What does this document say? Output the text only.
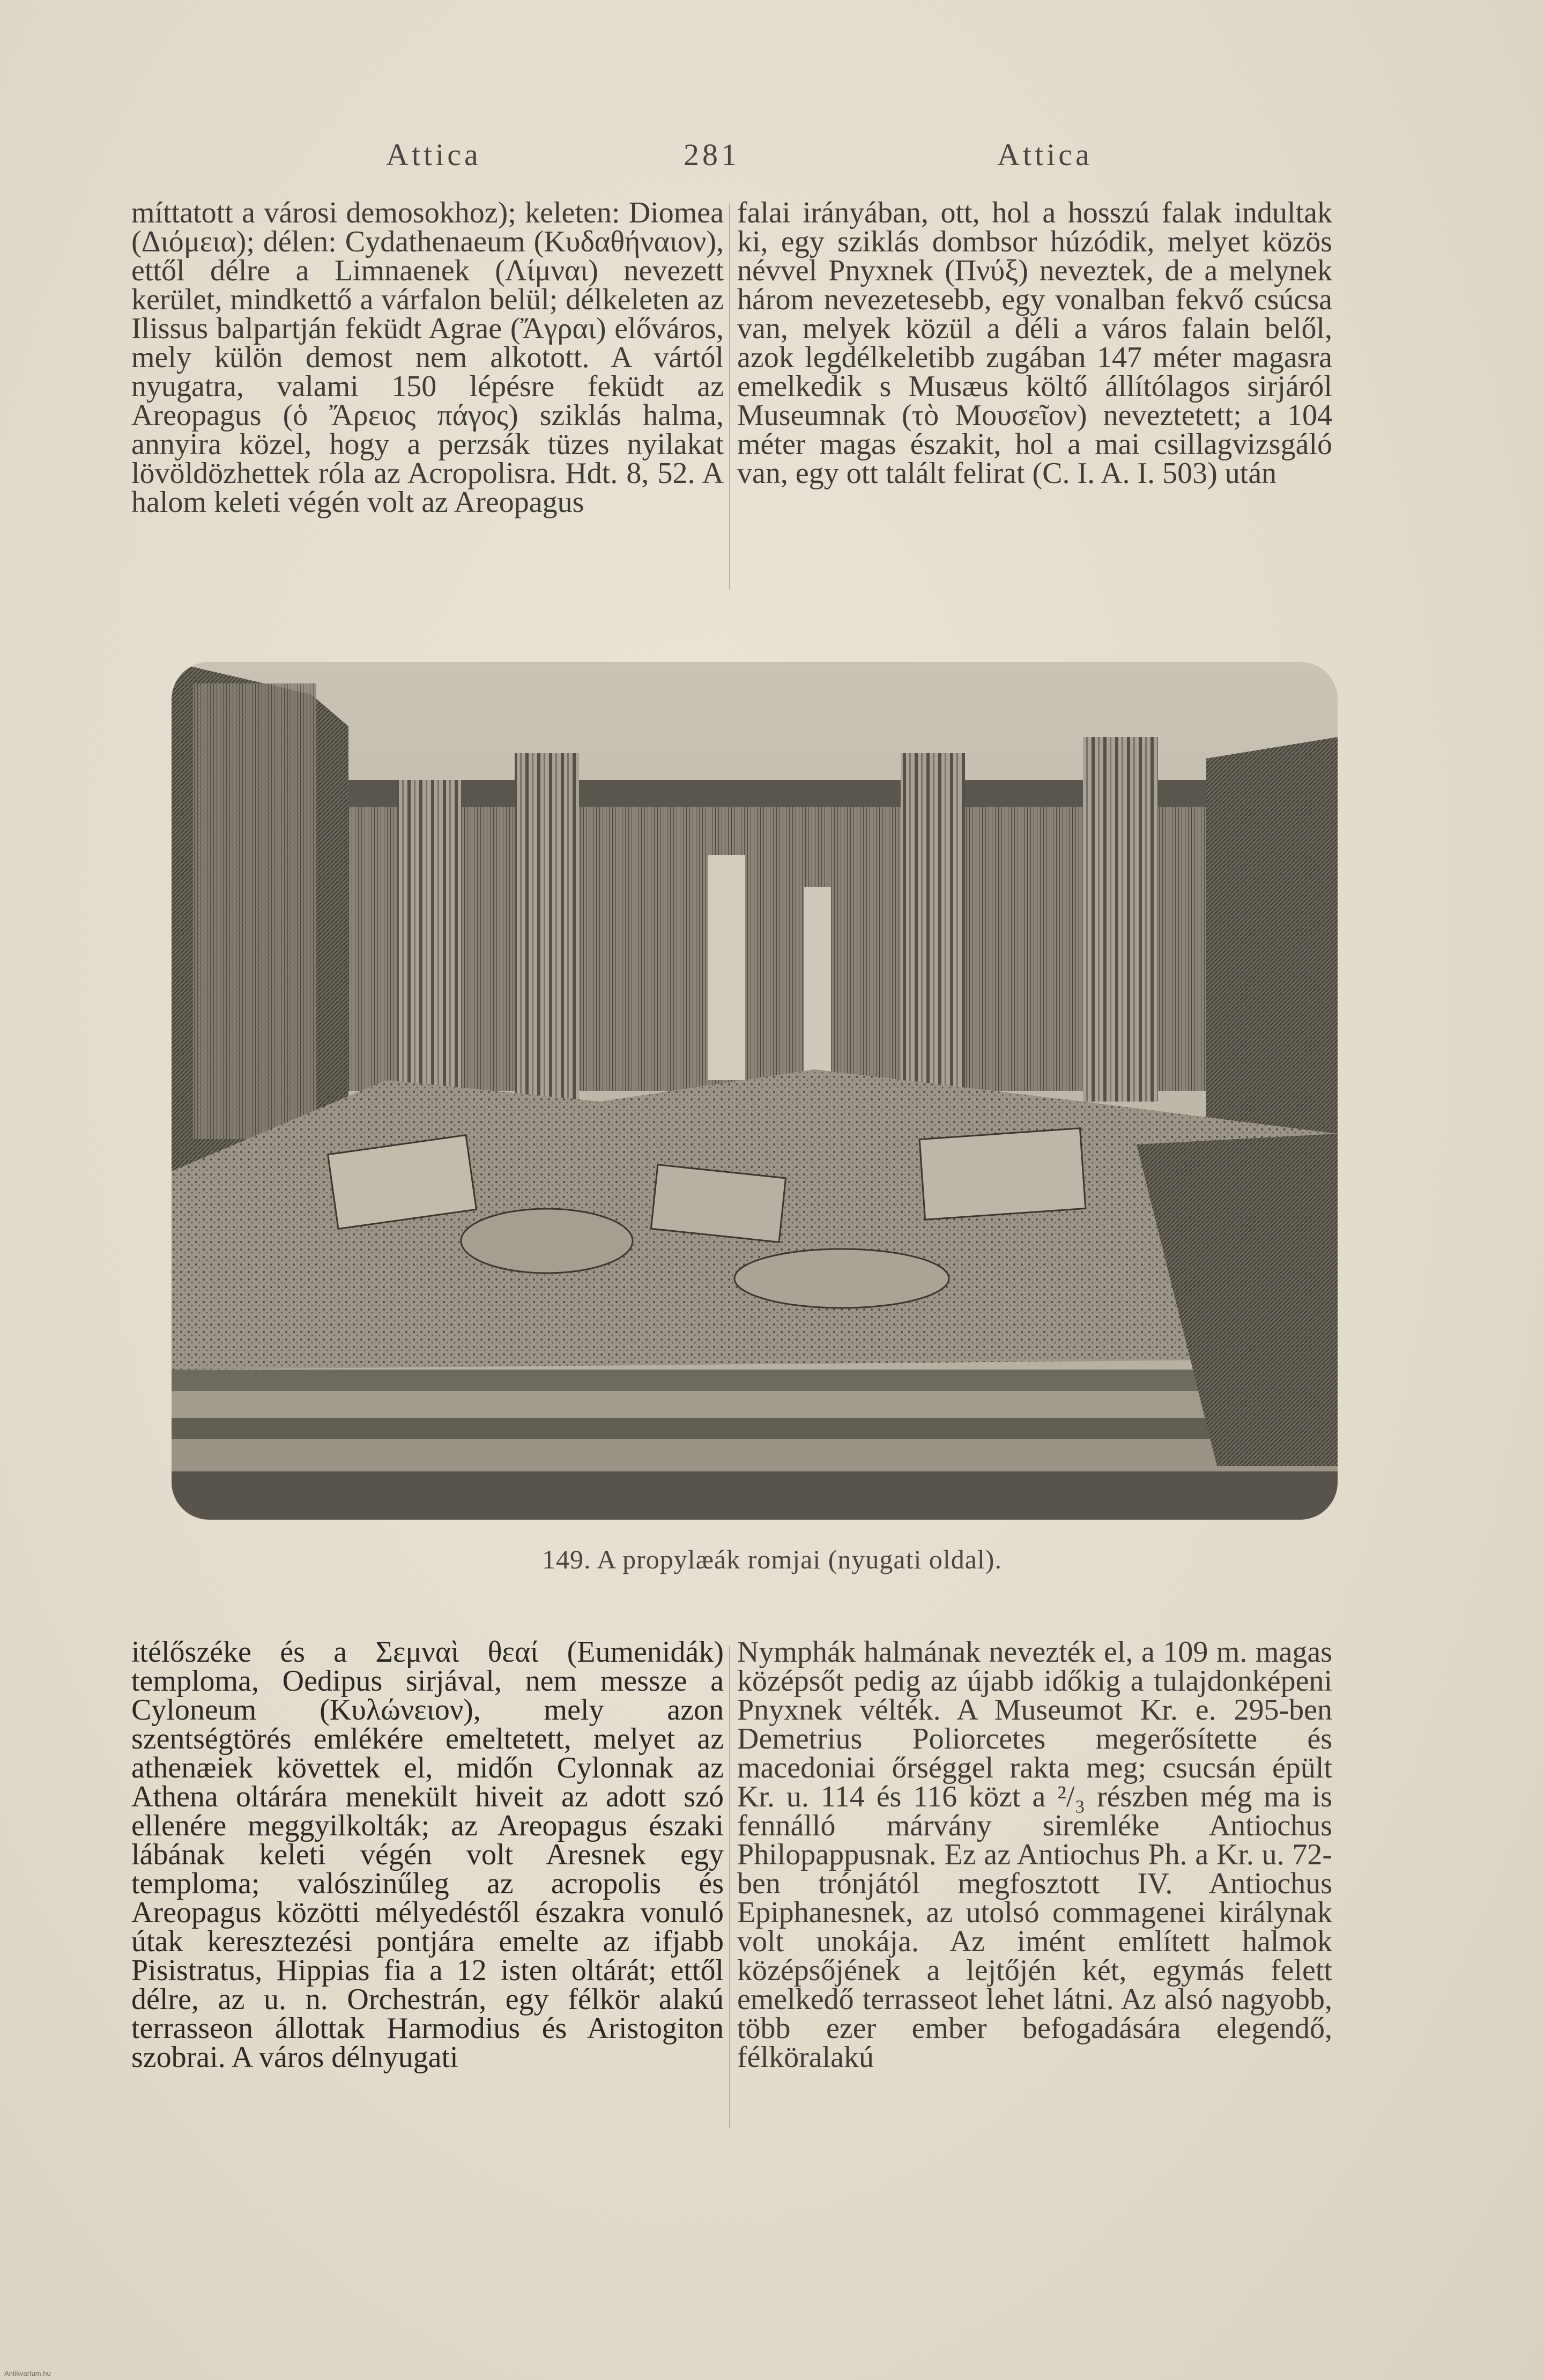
Attica	281	Attica

míttatott a városi demosokhoz); keleten: Diomea (Διόμεια); délen: Cydathenaeum (Κυδαθήναιον), ettől délre a Limnaenek (Λίμναι) nevezett kerület, mindkettő a várfalon belül; délkeleten az Ilissus balpartján feküdt Agrae (Ἄγραι) előváros, mely külön demost nem alkotott. A vártól nyugatra, valami 150 lépésre feküdt az Areopagus (ὁ Ἄρειος πάγος) sziklás halma, annyira közel, hogy a perzsák tüzes nyilakat lövöldözhettek róla az Acropolisra. Hdt. 8, 52. A halom keleti végén volt az Areopagus

falai irányában, ott, hol a hosszú falak indultak ki, egy sziklás dombsor húzódik, melyet közös névvel Pnyxnek (Πνύξ) neveztek, de a melynek három nevezetesebb, egy vonalban fekvő csúcsa van, melyek közül a déli a város falain belől, azok legdélkeletibb zugában 147 méter magasra emelkedik s Musæus költő állítólagos sirjáról Museumnak (τὸ Μουσεῖον) neveztetett; a 104 méter magas északit, hol a mai csillagvizsgáló van, egy ott talált felirat (C. I. A. I. 503) után

149. A propylæák romjai (nyugati oldal).

itélőszéke és a Σεμναὶ θεαί (Eumenidák) temploma, Oedipus sirjával, nem messze a Cyloneum (Κυλώνειον), mely azon szentségtörés emlékére emeltetett, melyet az athenæiek követtek el, midőn Cylonnak az Athena oltárára menekült hiveit az adott szó ellenére meggyilkolták; az Areopagus északi lábának keleti végén volt Aresnek egy temploma; valószinűleg az acropolis és Areopagus közötti mélyedéstől északra vonuló útak keresztezési pontjára emelte az ifjabb Pisistratus, Hippias fia a 12 isten oltárát; ettől délre, az u. n. Orchestrán, egy félkör alakú terrasseon állottak Harmodius és Aristogiton szobrai. A város délnyugati

Nymphák halmának nevezték el, a 109 m. magas középsőt pedig az újabb időkig a tulajdonképeni Pnyxnek vélték. A Museumot Kr. e. 295-ben Demetrius Poliorcetes megerősítette és macedoniai őrséggel rakta meg; csucsán épült Kr. u. 114 és 116 közt a ²/₃ részben még ma is fennálló márvány siremléke Antiochus Philopappusnak. Ez az Antiochus Ph. a Kr. u. 72-ben trónjától megfosztott IV. Antiochus Epiphanesnek, az utolsó commagenei királynak volt unokája. Az imént említett halmok középsőjének a lejtőjén két, egymás felett emelkedő terrasseot lehet látni. Az alsó nagyobb, több ezer ember befogadására elegendő, félköralakú

AntikvarIum.hu
